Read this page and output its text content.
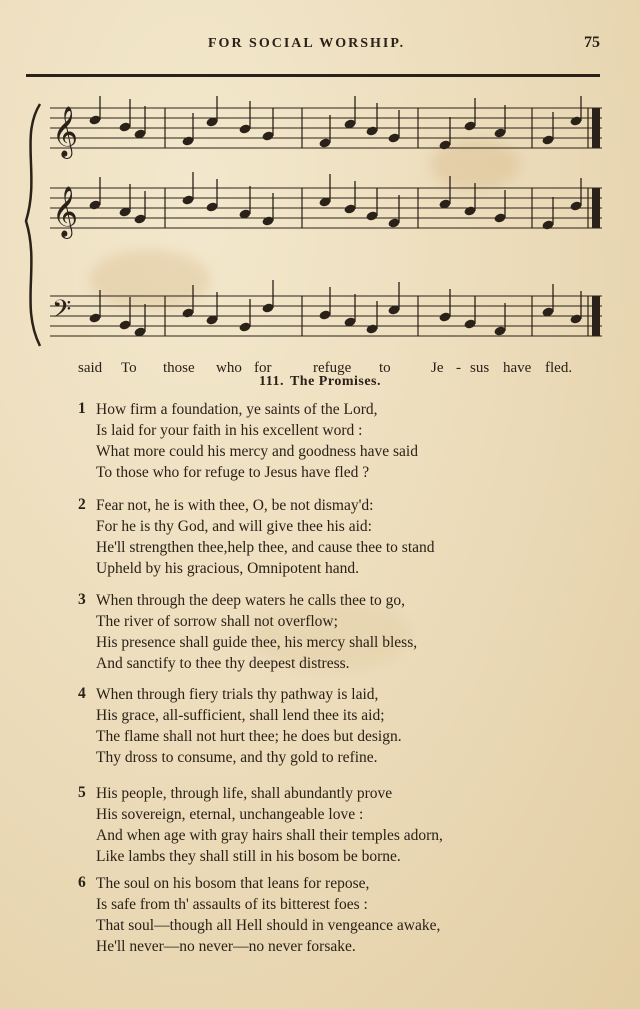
FOR SOCIAL WORSHIP.	75
𝄞
𝄞
𝄢
said To those who for	refuge to	Je - sus have fled.
111. The Promises.
1 How firm a foundation, ye saints of the Lord,
Is laid for your faith in his excellent word :
What more could his mercy and goodness have said
To those who for refuge to Jesus have fled ?
2 Fear not, he is with thee, O, be not dismay'd:
For he is thy God, and will give thee his aid:
He'll strengthen thee,help thee, and cause thee to stand
Upheld by his gracious, Omnipotent hand.
3 When through the deep waters he calls thee to go,
The river of sorrow shall not overflow;
His presence shall guide thee, his mercy shall bless,
And sanctify to thee thy deepest distress.
4 When through fiery trials thy pathway is laid,
His grace, all-sufficient, shall lend thee its aid;
The flame shall not hurt thee; he does but design.
Thy dross to consume, and thy gold to refine.
5 His people, through life, shall abundantly prove
His sovereign, eternal, unchangeable love :
And when age with gray hairs shall their temples adorn,
Like lambs they shall still in his bosom be borne.
6 The soul on his bosom that leans for repose,
Is safe from th' assaults of its bitterest foes :
That soul—though all Hell should in vengeance awake,
He'll never—no never—no never forsake.
